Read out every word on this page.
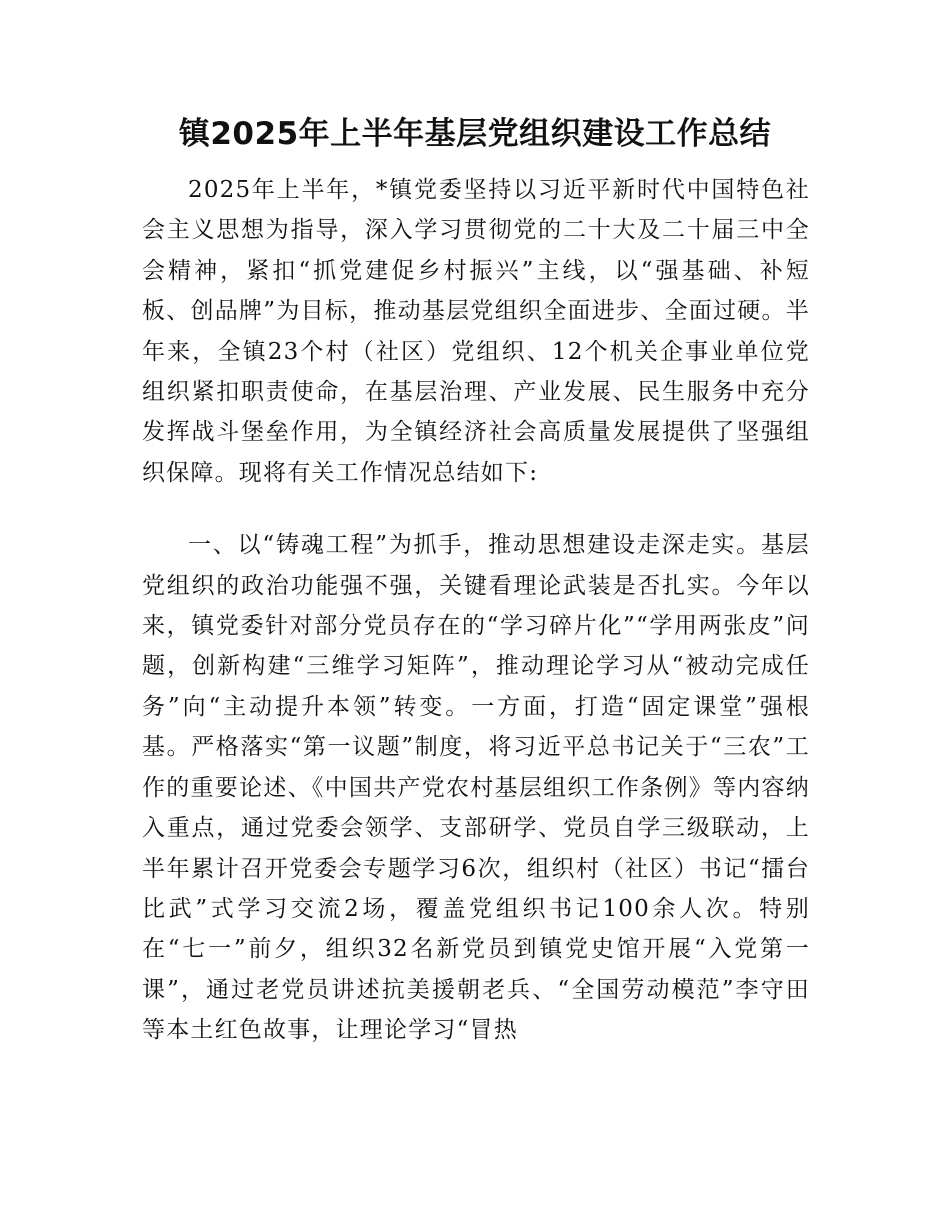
镇2025年上半年基层党组织建设工作总结

2025年上半年，*镇党委坚持以习近平新时代中国特色社会主义思想为指导，深入学习贯彻党的二十大及二十届三中全会精神，紧扣“抓党建促乡村振兴”主线，以“强基础、补短板、创品牌”为目标，推动基层党组织全面进步、全面过硬。半年来，全镇23个村（社区）党组织、12个机关企事业单位党组织紧扣职责使命，在基层治理、产业发展、民生服务中充分发挥战斗堡垒作用，为全镇经济社会高质量发展提供了坚强组织保障。现将有关工作情况总结如下:

一、以“铸魂工程”为抓手，推动思想建设走深走实。基层党组织的政治功能强不强，关键看理论武装是否扎实。今年以来，镇党委针对部分党员存在的“学习碎片化”“学用两张皮”问题，创新构建“三维学习矩阵”，推动理论学习从“被动完成任务”向“主动提升本领”转变。一方面，打造“固定课堂”强根基。严格落实“第一议题”制度，将习近平总书记关于“三农”工作的重要论述、《中国共产党农村基层组织工作条例》等内容纳入重点，通过党委会领学、支部研学、党员自学三级联动，上半年累计召开党委会专题学习6次，组织村（社区）书记“擂台比武”式学习交流2场，覆盖党组织书记100余人次。特别在“七一”前夕，组织32名新党员到镇党史馆开展“入党第一课”，通过老党员讲述抗美援朝老兵、“全国劳动模范”李守田等本土红色故事，让理论学习“冒热
